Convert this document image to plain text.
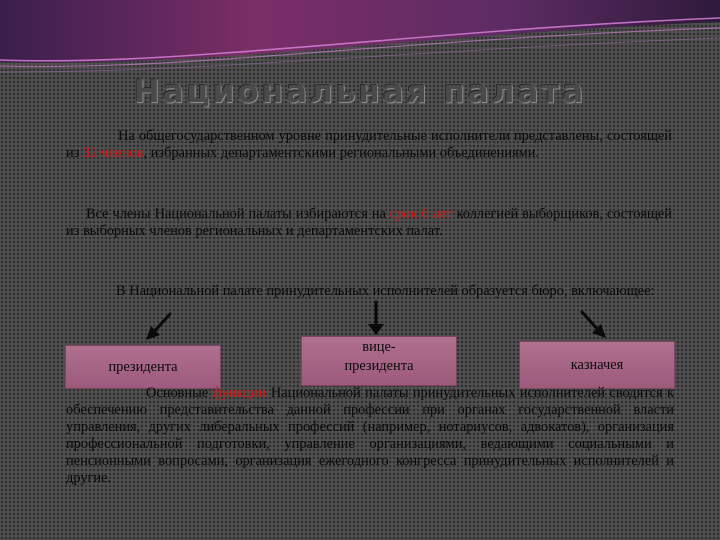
Национальная палата
На общегосударственном уровне принудительные исполнители представлены, состоящей из 32 членов, избранных департаментскими региональными объединениями.
Все члены Национальной палаты избираются на срок 6 лет коллегией выборщиков, состоящей из выборных членов региональных и департаментских палат.
В Национальной палате принудительных исполнителей образуется бюро, включающее:
президента
вице-
президента	казначея
Основные функции Национальной палаты принудительных исполнителей сводятся к обеспечению представительства данной профессии при органах государственной власти управления, других либеральных профессий (например, нотариусов, адвокатов), организация профессиональной подготовки, управление организациями, ведающими социальными и пенсионными вопросами, организация ежегодного конгресса принудительных исполнителей и другие.
